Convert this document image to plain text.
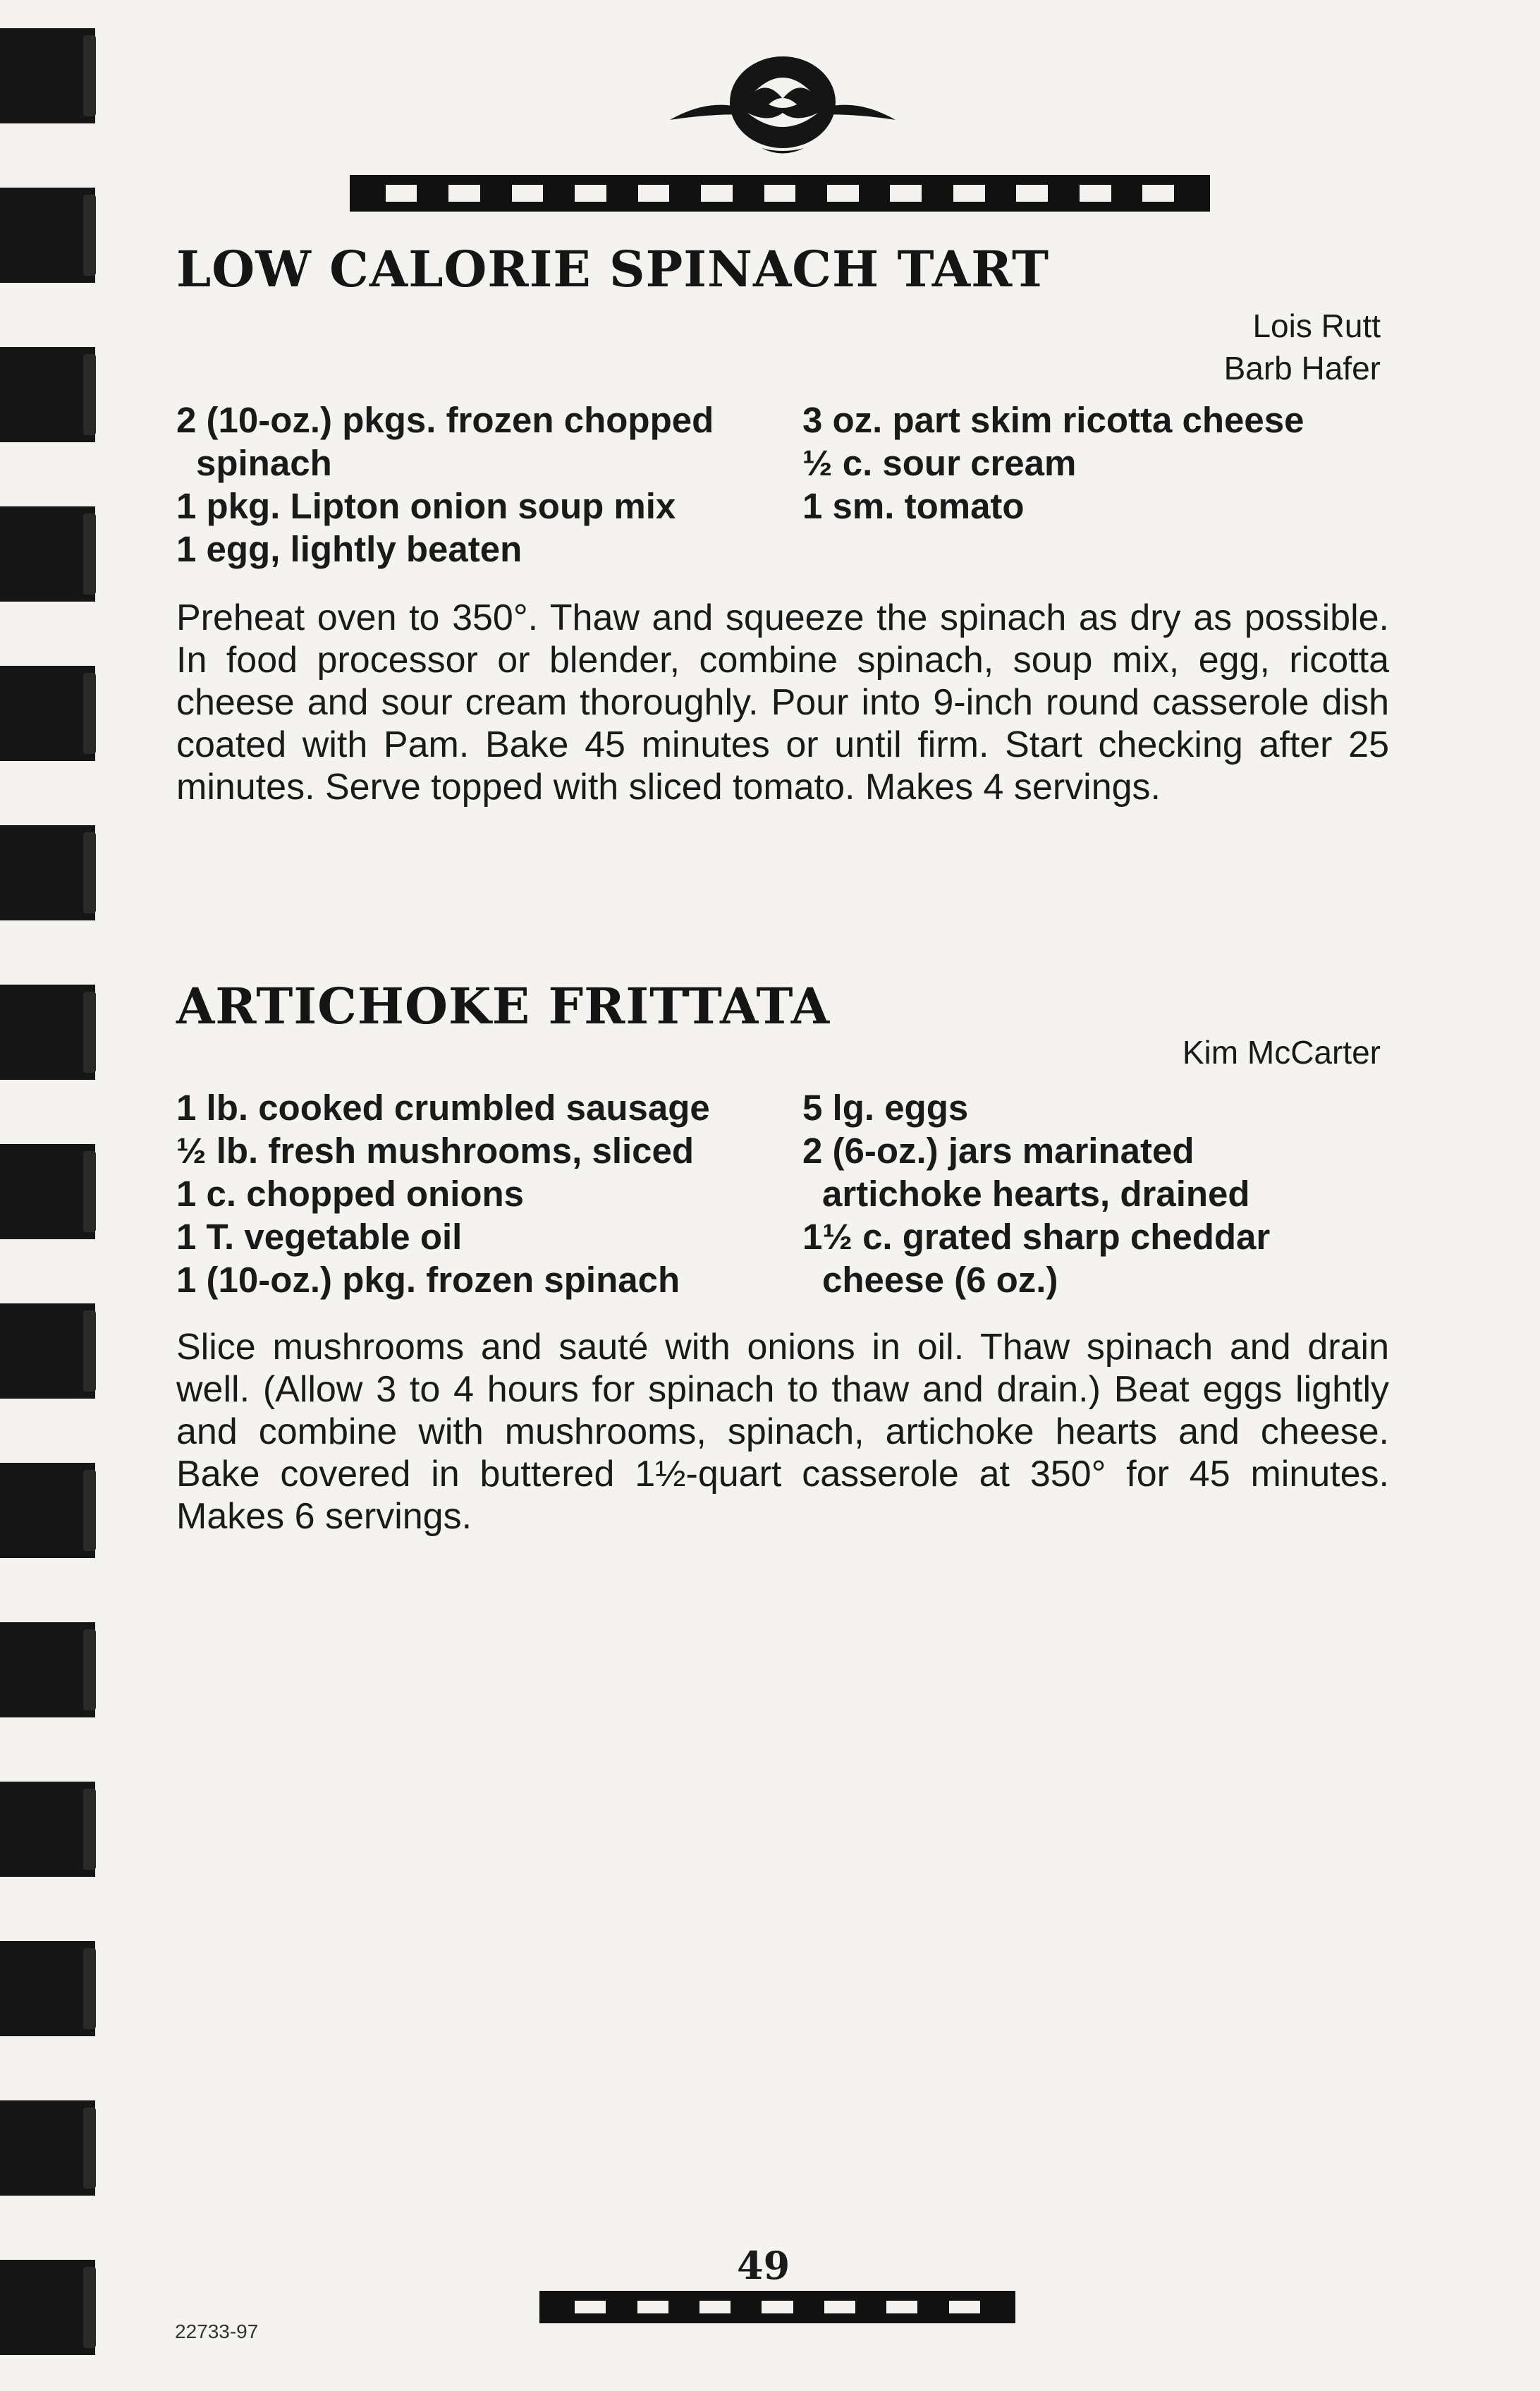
LOW CALORIE SPINACH TART
Lois Rutt
Barb Hafer
2 (10-oz.) pkgs. frozen chopped
spinach
1 pkg. Lipton onion soup mix
1 egg, lightly beaten
3 oz. part skim ricotta cheese
½ c. sour cream
1 sm. tomato
Preheat oven to 350°. Thaw and squeeze the spinach as dry as possible. In food processor or blender, combine spinach, soup mix, egg, ricotta cheese and sour cream thoroughly. Pour into 9-inch round casserole dish coated with Pam. Bake 45 minutes or until firm. Start checking after 25 minutes. Serve topped with sliced tomato. Makes 4 servings.
ARTICHOKE FRITTATA
Kim McCarter
1 lb. cooked crumbled sausage
½ lb. fresh mushrooms, sliced
1 c. chopped onions
1 T. vegetable oil
1 (10-oz.) pkg. frozen spinach
5 lg. eggs
2 (6-oz.) jars marinated
artichoke hearts, drained
1½ c. grated sharp cheddar
cheese (6 oz.)
Slice mushrooms and sauté with onions in oil. Thaw spinach and drain well. (Allow 3 to 4 hours for spinach to thaw and drain.) Beat eggs lightly and combine with mushrooms, spinach, artichoke hearts and cheese. Bake covered in buttered 1½-quart casserole at 350° for 45 minutes. Makes 6 servings.
49
22733-97
